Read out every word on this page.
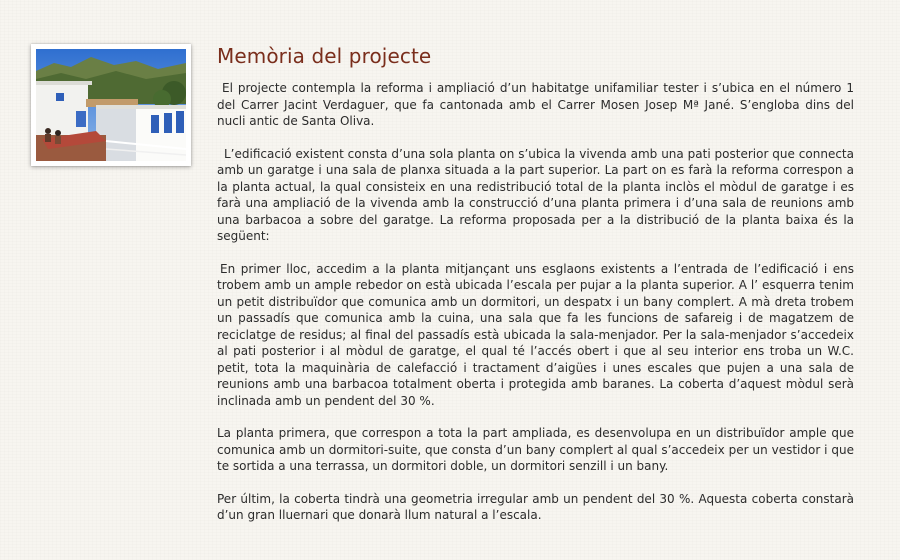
Memòria del projecte

El projecte contempla la reforma i ampliació d’un habitatge unifamiliar tester i s’ubica en el número 1 del Carrer Jacint Verdaguer, que fa cantonada amb el Carrer Mosen Josep Mª Jané. S’engloba dins del nucli antic de Santa Oliva.

L’edificació existent consta d’una sola planta on s’ubica la vivenda amb una pati posterior que connecta amb un garatge i una sala de planxa situada a la part superior. La part on es farà la reforma correspon a la planta actual, la qual consisteix en una redistribució total de la planta inclòs el mòdul de garatge i es farà una ampliació de la vivenda amb la construcció d’una planta primera i d’una sala de reunions amb una barbacoa a sobre del garatge. La reforma proposada per a la distribució de la planta baixa és la següent:

En primer lloc, accedim a la planta mitjançant uns esglaons existents a l’entrada de l’edificació i ens trobem amb un ample rebedor on està ubicada l’escala per pujar a la planta superior. A l’ esquerra tenim un petit distribuïdor que comunica amb un dormitori, un despatx i un bany complert. A mà dreta trobem un passadís que comunica amb la cuina, una sala que fa les funcions de safareig i de magatzem de reciclatge de residus; al final del passadís està ubicada la sala-menjador. Per la sala-menjador s’accedeix al pati posterior i al mòdul de garatge, el qual té l’accés obert i que al seu interior ens troba un W.C. petit, tota la maquinària de calefacció i tractament d’aigües i unes escales que pujen a una sala de reunions amb una barbacoa totalment oberta i protegida amb baranes. La coberta d’aquest mòdul serà inclinada amb un pendent del 30 %.

La planta primera, que correspon a tota la part ampliada, es desenvolupa en un distribuïdor ample que comunica amb un dormitori-suite, que consta d’un bany complert al qual s’accedeix per un vestidor i que te sortida a una terrassa, un dormitori doble, un dormitori senzill i un bany.

Per últim, la coberta tindrà una geometria irregular amb un pendent del 30 %. Aquesta coberta constarà d’un gran lluernari que donarà llum natural a l’escala.
